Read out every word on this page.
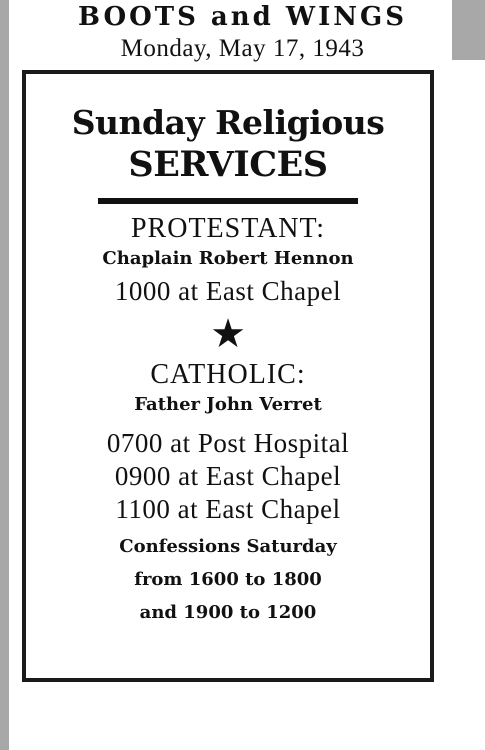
BOOTS and WINGS
Monday, May 17, 1943
Sunday Religious
SERVICES
PROTESTANT:
Chaplain Robert Hennon
1000 at East Chapel
★
CATHOLIC:
Father John Verret
0700 at Post Hospital
0900 at East Chapel
1100 at East Chapel
Confessions Saturday
from 1600 to 1800
and 1900 to 1200
